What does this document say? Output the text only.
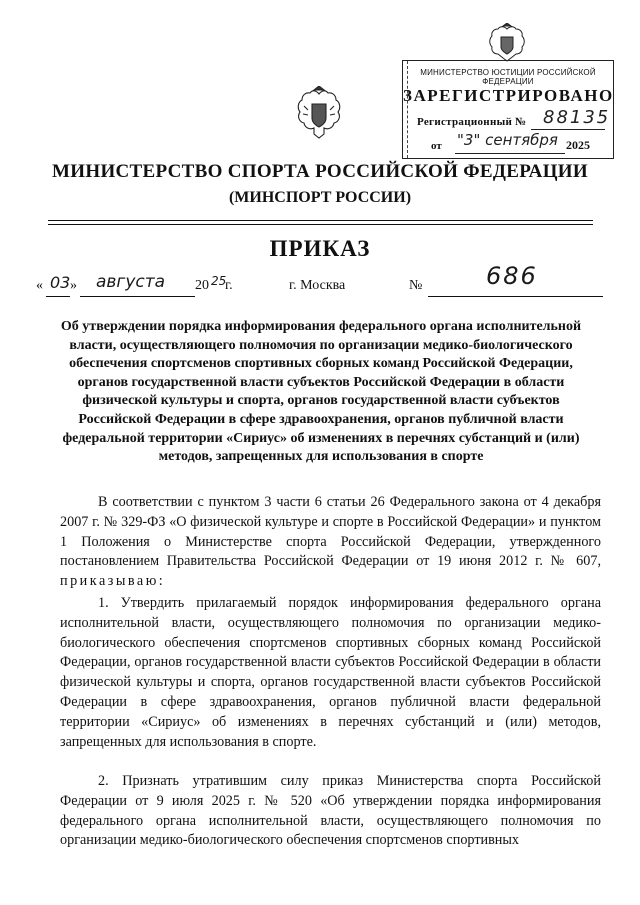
МИНИСТЕРСТВО ЮСТИЦИИ РОССИЙСКОЙ ФЕДЕРАЦИИ
ЗАРЕГИСТРИРОВАНО
Регистрационный № 88135
от "3" сентября 2025
МИНИСТЕРСТВО СПОРТА РОССИЙСКОЙ ФЕДЕРАЦИИ
(МИНСПОРТ РОССИИ)
ПРИКАЗ
« 03 » августа 20 25
г.	г. Москва	№	686
Об утверждении порядка информирования федерального органа исполнительной власти, осуществляющего полномочия по организации медико-биологического обеспечения спортсменов спортивных сборных команд Российской Федерации, органов государственной власти субъектов Российской Федерации в области физической культуры и спорта, органов государственной власти субъектов Российской Федерации в сфере здравоохранения, органов публичной власти федеральной территории «Сириус» об изменениях в перечнях субстанций и (или) методов, запрещенных для использования в спорте
В соответствии с пунктом 3 части 6 статьи 26 Федерального закона от 4 декабря 2007 г. № 329-ФЗ «О физической культуре и спорте в Российской Федерации» и пунктом 1 Положения о Министерстве спорта Российской Федерации, утвержденного постановлением Правительства Российской Федерации от 19 июня 2012 г. № 607, приказываю:
1. Утвердить прилагаемый порядок информирования федерального органа исполнительной власти, осуществляющего полномочия по организации медико-биологического обеспечения спортсменов спортивных сборных команд Российской Федерации, органов государственной власти субъектов Российской Федерации в области физической культуры и спорта, органов государственной власти субъектов Российской Федерации в сфере здравоохранения, органов публичной власти федеральной территории «Сириус» об изменениях в перечнях субстанций и (или) методов, запрещенных для использования в спорте.
2. Признать утратившим силу приказ Министерства спорта Российской Федерации от 9 июля 2025 г. № 520 «Об утверждении порядка информирования федерального органа исполнительной власти, осуществляющего полномочия по организации медико-биологического обеспечения спортсменов спортивных
